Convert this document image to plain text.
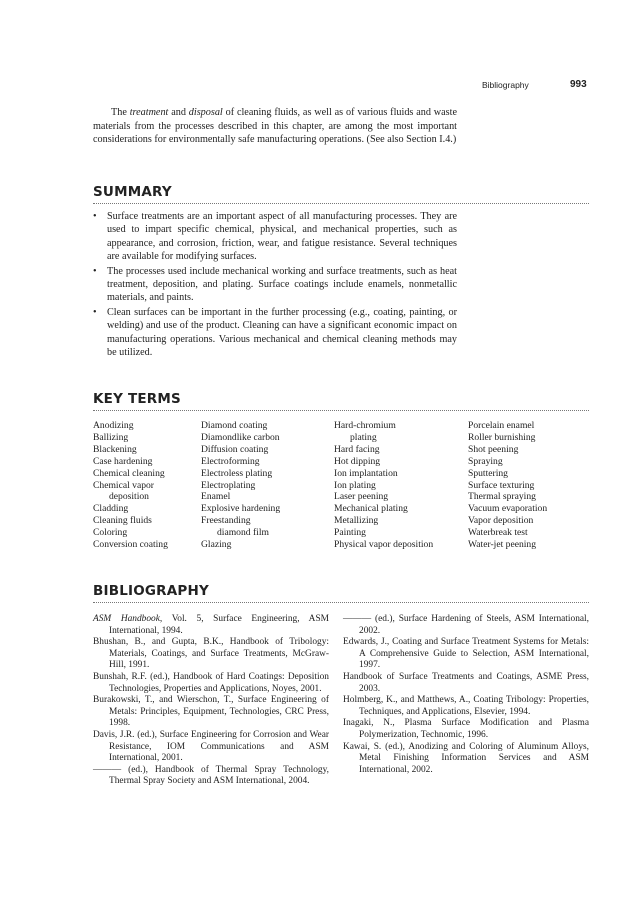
Bibliography	993

The treatment and disposal of cleaning fluids, as well as of various fluids and waste materials from the processes described in this chapter, are among the most important considerations for environmentally safe manufacturing operations. (See also Section I.4.)

SUMMARY
• Surface treatments are an important aspect of all manufacturing processes. They are used to impart specific chemical, physical, and mechanical properties, such as appearance, and corrosion, friction, wear, and fatigue resistance. Several techniques are available for modifying surfaces.
• The processes used include mechanical working and surface treatments, such as heat treatment, deposition, and plating. Surface coatings include enamels, nonmetallic materials, and paints.
• Clean surfaces can be important in the further processing (e.g., coating, painting, or welding) and use of the product. Cleaning can have a significant economic impact on manufacturing operations. Various mechanical and chemical cleaning methods may be utilized.
KEY TERMS
Anodizing
Ballizing
Blackening
Case hardening
Chemical cleaning
Chemical vapor
deposition
Cladding
Cleaning fluids
Coloring
Conversion coating
Diamond coating
Diamondlike carbon
Diffusion coating
Electroforming
Electroless plating
Electroplating
Enamel
Explosive hardening
Freestanding
diamond film
Glazing
Hard-chromium
plating
Hard facing
Hot dipping
Ion implantation
Ion plating
Laser peening
Mechanical plating
Metallizing
Painting
Physical vapor deposition
Porcelain enamel
Roller burnishing
Shot peening
Spraying
Sputtering
Surface texturing
Thermal spraying
Vacuum evaporation
Vapor deposition
Waterbreak test
Water-jet peening
BIBLIOGRAPHY

ASM Handbook, Vol. 5, Surface Engineering, ASM International, 1994.

Bhushan, B., and Gupta, B.K., Handbook of Tribology: Materials, Coatings, and Surface Treatments, McGraw-Hill, 1991.

Bunshah, R.F. (ed.), Handbook of Hard Coatings: Deposition Technologies, Properties and Applications, Noyes, 2001.

Burakowski, T., and Wierschon, T., Surface Engineering of Metals: Principles, Equipment, Technologies, CRC Press, 1998.

Davis, J.R. (ed.), Surface Engineering for Corrosion and Wear Resistance, IOM Communications and ASM International, 2001.

——— (ed.), Handbook of Thermal Spray Technology, Thermal Spray Society and ASM International, 2004.

——— (ed.), Surface Hardening of Steels, ASM International, 2002.

Edwards, J., Coating and Surface Treatment Systems for Metals: A Comprehensive Guide to Selection, ASM International, 1997.

Handbook of Surface Treatments and Coatings, ASME Press, 2003.

Holmberg, K., and Matthews, A., Coating Tribology: Properties, Techniques, and Applications, Elsevier, 1994.

Inagaki, N., Plasma Surface Modification and Plasma Polymerization, Technomic, 1996.

Kawai, S. (ed.), Anodizing and Coloring of Aluminum Alloys, Metal Finishing Information Services and ASM International, 2002.
